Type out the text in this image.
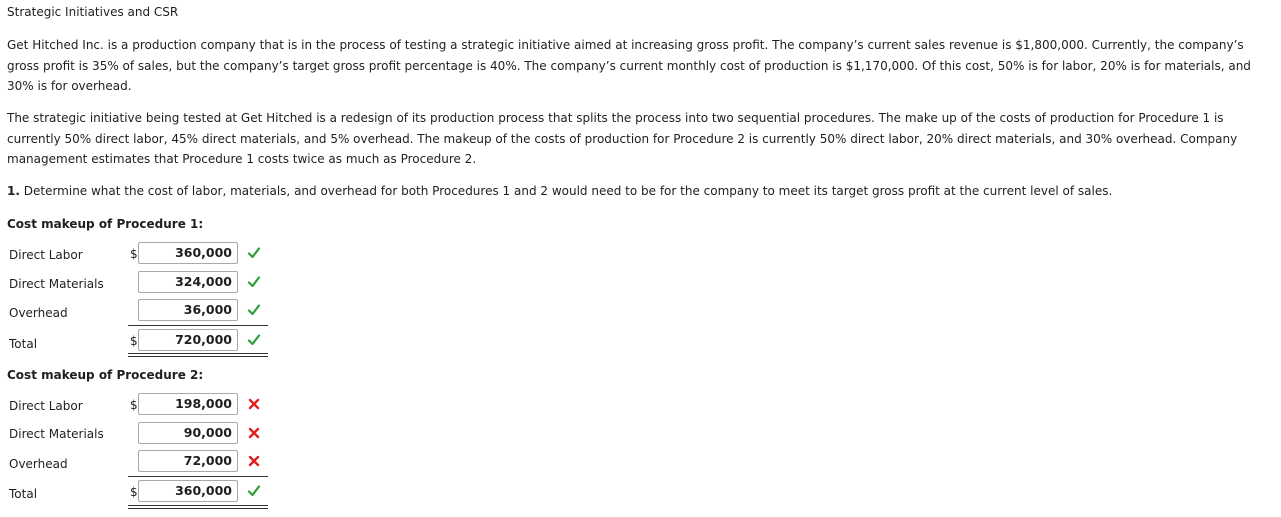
Strategic Initiatives and CSR

Get Hitched Inc. is a production company that is in the process of testing a strategic initiative aimed at increasing gross profit. The company’s current sales revenue is $1,800,000. Currently, the company’s gross profit is 35% of sales, but the company’s target gross profit percentage is 40%. The company’s current monthly cost of production is $1,170,000. Of this cost, 50% is for labor, 20% is for materials, and 30% is for overhead.

The strategic initiative being tested at Get Hitched is a redesign of its production process that splits the process into two sequential procedures. The make up of the costs of production for Procedure 1 is currently 50% direct labor, 45% direct materials, and 5% overhead. The makeup of the costs of production for Procedure 2 is currently 50% direct labor, 20% direct materials, and 30% overhead. Company management estimates that Procedure 1 costs twice as much as Procedure 2.

1. Determine what the cost of labor, materials, and overhead for both Procedures 1 and 2 would need to be for the company to meet its target gross profit at the current level of sales.
Cost makeup of Procedure 1:
Direct Labor	$	360,000
Direct Materials	324,000
Overhead	36,000
Total	$	720,000
Cost makeup of Procedure 2:
Direct Labor	$	198,000
Direct Materials	90,000
Overhead	72,000
Total	$	360,000
